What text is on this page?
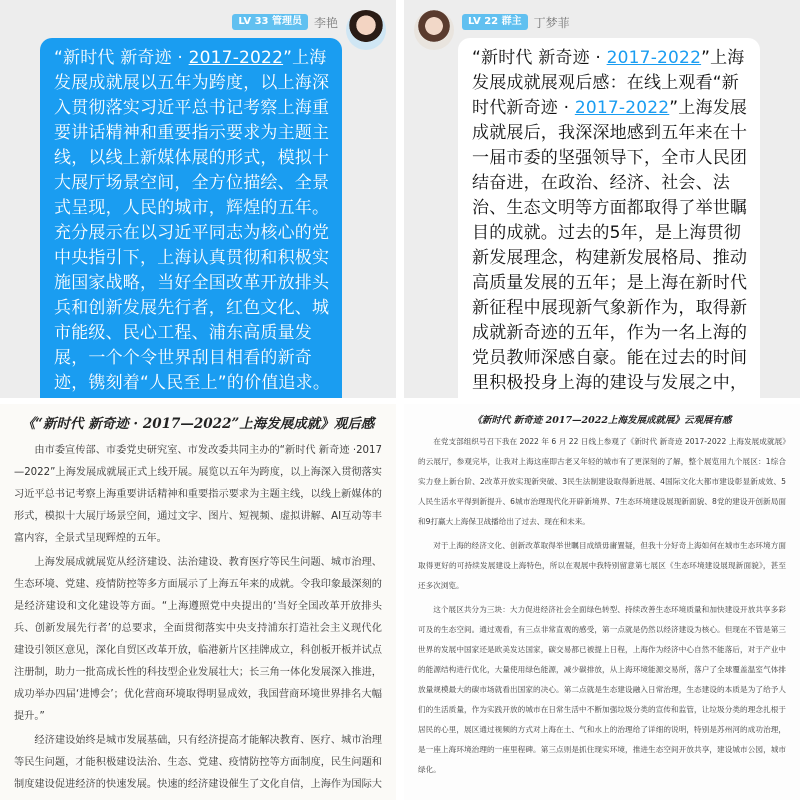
LV 33 管理员	李艳

“新时代 新奇迹 · 2017-2022”上海发展成就展以五年为跨度，以上海深入贯彻落实习近平总书记考察上海重要讲话精神和重要指示要求为主题主线，以线上新媒体展的形式，模拟十大展厅场景空间，全方位描绘、全景式呈现，人民的城市，辉煌的五年。充分展示在以习近平同志为核心的党中央指引下，上海认真贯彻和积极实施国家战略，当好全国改革开放排头兵和创新发展先行者，红色文化、城市能级、民心工程、浦东高质量发展，一个个令世界刮目相看的新奇迹，镌刻着“人民至上”的价值追求。

LV 22 群主	丁梦菲

“新时代 新奇迹 · 2017-2022”上海发展成就展观后感：在线上观看“新时代新奇迹 · 2017-2022”上海发展成就展后，我深深地感到五年来在十一届市委的坚强领导下，全市人民团结奋进，在政治、经济、社会、法治、生态文明等方面都取得了举世瞩目的成就。过去的5年，是上海贯彻新发展理念，构建新发展格局、推动高质量发展的五年；是上海在新时代新征程中展现新气象新作为，取得新成就新奇迹的五年，作为一名上海的党员教师深感自豪。能在过去的时间里积极投身上海的建设与发展之中，

《“新时代 新奇迹 · 2017—2022”上海发展成就》观后感

由市委宣传部、市委党史研究室、市发改委共同主办的“新时代 新奇迹 ·2017—2022”上海发展成就展正式上线开展。展览以五年为跨度，以上海深入贯彻落实习近平总书记考察上海重要讲话精神和重要指示要求为主题主线，以线上新媒体的形式，模拟十大展厅场景空间，通过文字、图片、短视频、虚拟讲解、AI互动等丰富内容，全景式呈现辉煌的五年。

上海发展成就展览从经济建设、法治建设、教育医疗等民生问题、城市治理、生态环境、党建、疫情防控等多方面展示了上海五年来的成就。令我印象最深刻的是经济建设和文化建设等方面。“上海遵照党中央提出的‘当好全国改革开放排头兵、创新发展先行者’的总要求，全面贯彻落实中央支持浦东打造社会主义现代化建设引领区意见，深化自贸区改革开放，临港新片区挂牌成立，科创板开板并试点注册制，助力一批高成长性的科技型企业发展壮大；长三角一体化发展深入推进，成功举办四届‘进博会’；优化营商环境取得明显成效，我国营商环境世界排名大幅提升。”

经济建设始终是城市发展基础，只有经济提高才能解决教育、医疗、城市治理等民生问题，才能积极建设法治、生态、党建、疫情防控等方面制度，民生问题和制度建设促进经济的快速发展。快速的经济建设催生了文化自信，上海作为国际大

《新时代 新奇迹 2017—2022上海发展成就展》云观展有感

在党支部组织号召下我在 2022 年 6 月 22 日线上参观了《新时代 新奇迹 2017-2022 上海发展成就展》的云展厅，参观完毕，让我对上海这座即古老又年轻的城市有了更深刻的了解，整个展览用九个展区：1综合实力登上新台阶、2改革开放实现新突破、3民生法制建设取得新进展、4国际文化大都市建设彰显新成效、5人民生活水平得到新提升、6城市治理现代化开辟新境界、7生态环境建设展现新面貌、8党的建设开创新局面和9打赢大上海保卫战播给出了过去、现在和未来。

对于上海的经济文化、创新改革取得举世瞩目成绩毋庸置疑，但我十分好奇上海如何在城市生态环境方面取得更好的可持续发展建设上海特色，所以在观展中我特别留意第七展区《生态环境建设展现新面貌》，甚至还多次浏览。

这个展区共分为三块：大力促进经济社会全面绿色转型、持续改善生态环境质量和加快建设开放共享多彩可及的生态空间。通过观看，有三点非常直观的感受，第一点就是仍然以经济建设为核心。但现在不管是第三世界的发展中国家还是欧美发达国家，碳交易都已被提上日程，上海作为经济中心自然不能落后，对于产业中的能源结构进行优化，大量使用绿色能源，减少碳排放，从上海环境能源交易所，落户了全球覆盖温室气体排放量规模最大的碳市场就看出国家的决心。第二点就是生态建设融入日常治理，生态建设的本质是为了给予人们的生活质量，作为实践开放的城市在日常生活中不断加强垃圾分类的宣传和监管，让垃圾分类的理念扎根于居民的心里，展区通过视频的方式对上海在土、气和水上的治理给了详细的说明，特别是苏州河的成功治理，是一座上海环境治理的一座里程碑。第三点则是抓住现实环境，推进生态空间开放共享，建设城市公园，城市绿化。
